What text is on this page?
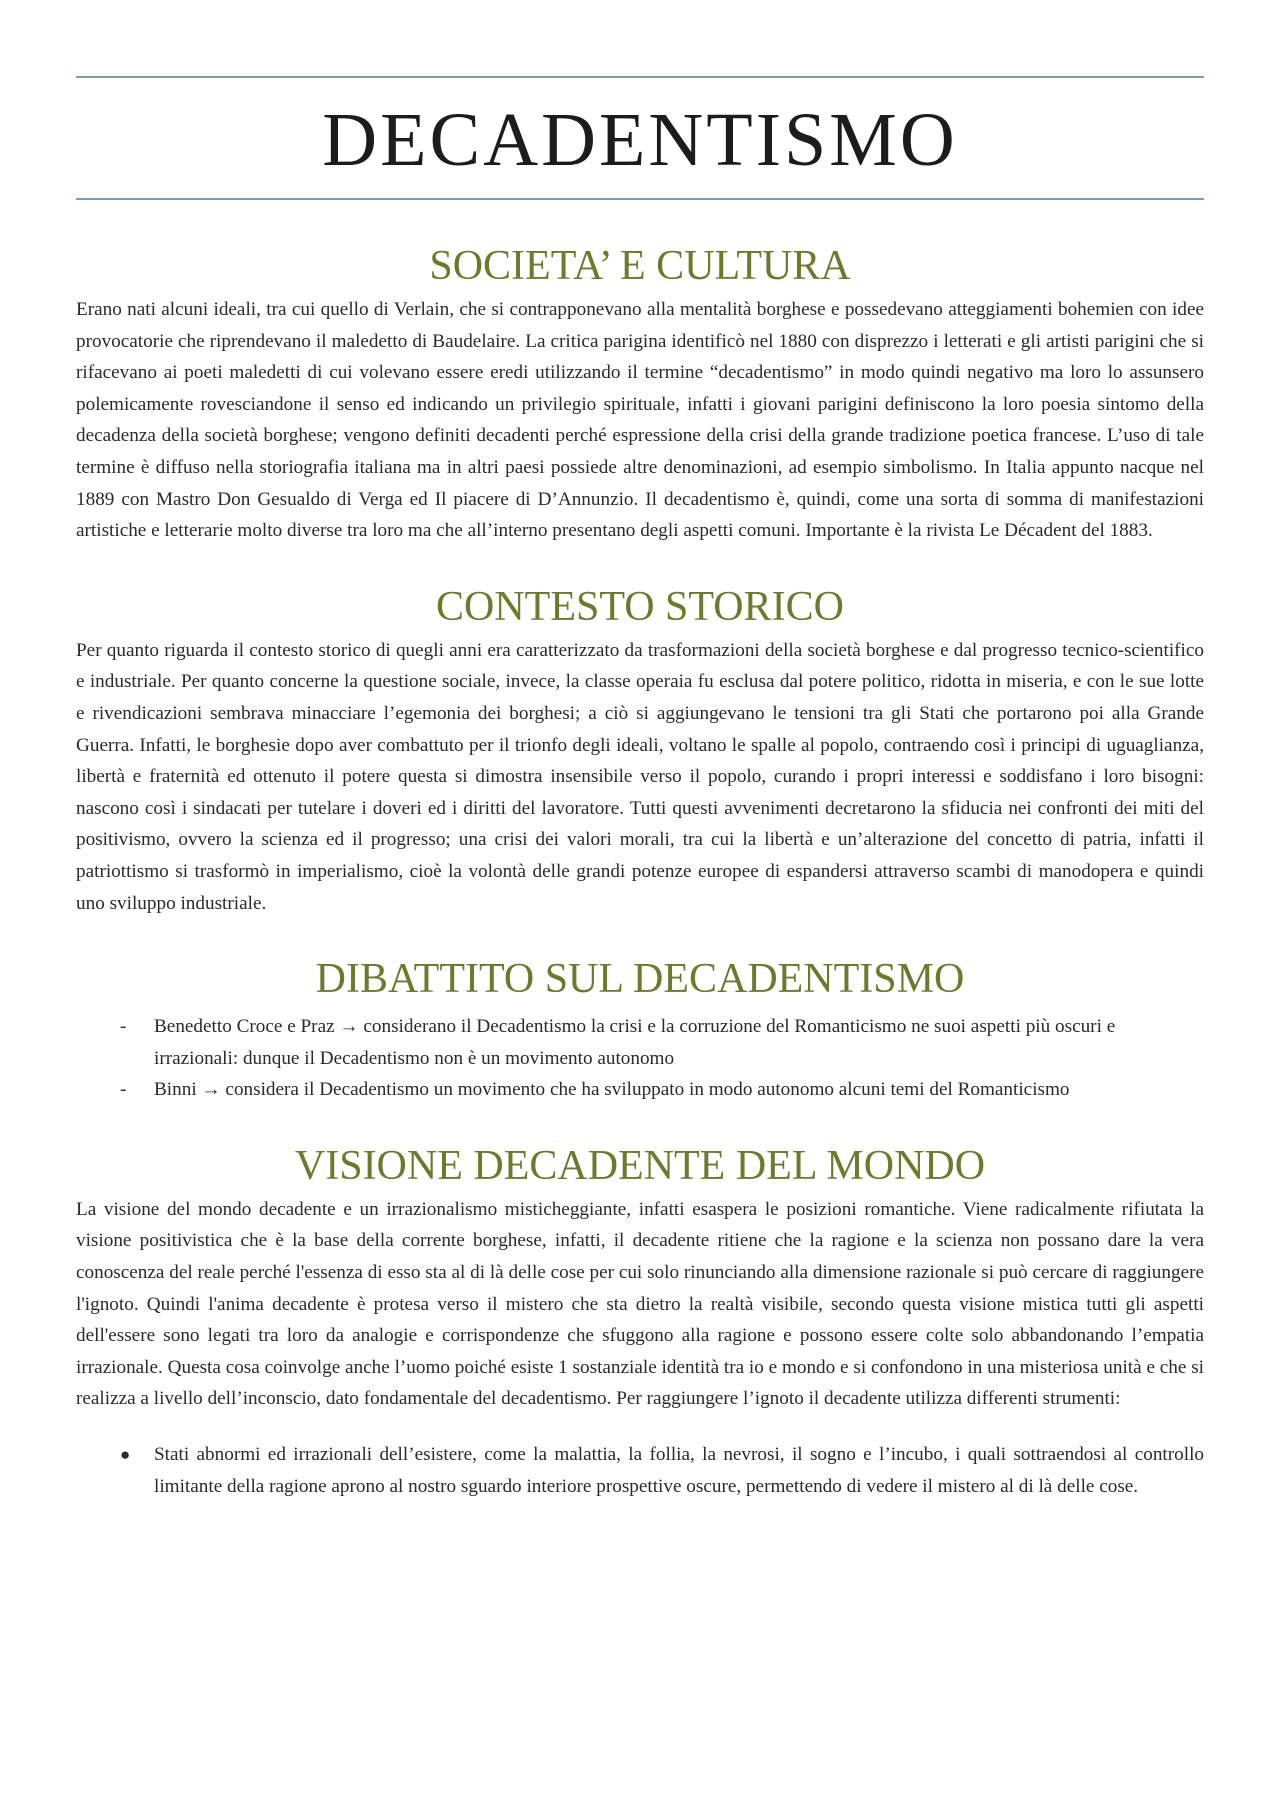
DECADENTISMO
SOCIETA’ E CULTURA

Erano nati alcuni ideali, tra cui quello di Verlain, che si contrapponevano alla mentalità borghese e possedevano atteggiamenti bohemien con idee provocatorie che riprendevano il maledetto di Baudelaire. La critica parigina identificò nel 1880 con disprezzo i letterati e gli artisti parigini che si rifacevano ai poeti maledetti di cui volevano essere eredi utilizzando il termine “decadentismo” in modo quindi negativo ma loro lo assunsero polemicamente rovesciandone il senso ed indicando un privilegio spirituale, infatti i giovani parigini definiscono la loro poesia sintomo della decadenza della società borghese; vengono definiti decadenti perché espressione della crisi della grande tradizione poetica francese. L’uso di tale termine è diffuso nella storiografia italiana ma in altri paesi possiede altre denominazioni, ad esempio simbolismo. In Italia appunto nacque nel 1889 con Mastro Don Gesualdo di Verga ed Il piacere di D’Annunzio. Il decadentismo è, quindi, come una sorta di somma di manifestazioni artistiche e letterarie molto diverse tra loro ma che all’interno presentano degli aspetti comuni. Importante è la rivista Le Décadent del 1883.

CONTESTO STORICO

Per quanto riguarda il contesto storico di quegli anni era caratterizzato da trasformazioni della società borghese e dal progresso tecnico-scientifico e industriale. Per quanto concerne la questione sociale, invece, la classe operaia fu esclusa dal potere politico, ridotta in miseria, e con le sue lotte e rivendicazioni sembrava minacciare l’egemonia dei borghesi; a ciò si aggiungevano le tensioni tra gli Stati che portarono poi alla Grande Guerra. Infatti, le borghesie dopo aver combattuto per il trionfo degli ideali, voltano le spalle al popolo, contraendo così i principi di uguaglianza, libertà e fraternità ed ottenuto il potere questa si dimostra insensibile verso il popolo, curando i propri interessi e soddisfano i loro bisogni: nascono così i sindacati per tutelare i doveri ed i diritti del lavoratore. Tutti questi avvenimenti decretarono la sfiducia nei confronti dei miti del positivismo, ovvero la scienza ed il progresso; una crisi dei valori morali, tra cui la libertà e un’alterazione del concetto di patria, infatti il patriottismo si trasformò in imperialismo, cioè la volontà delle grandi potenze europee di espandersi attraverso scambi di manodopera e quindi uno sviluppo industriale.

DIBATTITO SUL DECADENTISMO
-	Benedetto Croce e Praz → considerano il Decadentismo la crisi e la corruzione del Romanticismo ne suoi aspetti più oscuri e irrazionali: dunque il Decadentismo non è un movimento autonomo
-	Binni → considera il Decadentismo un movimento che ha sviluppato in modo autonomo alcuni temi del Romanticismo
VISIONE DECADENTE DEL MONDO

La visione del mondo decadente e un irrazionalismo misticheggiante, infatti esaspera le posizioni romantiche. Viene radicalmente rifiutata la visione positivistica che è la base della corrente borghese, infatti, il decadente ritiene che la ragione e la scienza non possano dare la vera conoscenza del reale perché l'essenza di esso sta al di là delle cose per cui solo rinunciando alla dimensione razionale si può cercare di raggiungere l'ignoto. Quindi l'anima decadente è protesa verso il mistero che sta dietro la realtà visibile, secondo questa visione mistica tutti gli aspetti dell'essere sono legati tra loro da analogie e corrispondenze che sfuggono alla ragione e possono essere colte solo abbandonando l’empatia irrazionale. Questa cosa coinvolge anche l’uomo poiché esiste 1 sostanziale identità tra io e mondo e si confondono in una misteriosa unità e che si realizza a livello dell’inconscio, dato fondamentale del decadentismo. Per raggiungere l’ignoto il decadente utilizza differenti strumenti:

●	Stati abnormi ed irrazionali dell’esistere, come la malattia, la follia, la nevrosi, il sogno e l’incubo, i quali sottraendosi al controllo limitante della ragione aprono al nostro sguardo interiore prospettive oscure, permettendo di vedere il mistero al di là delle cose.
